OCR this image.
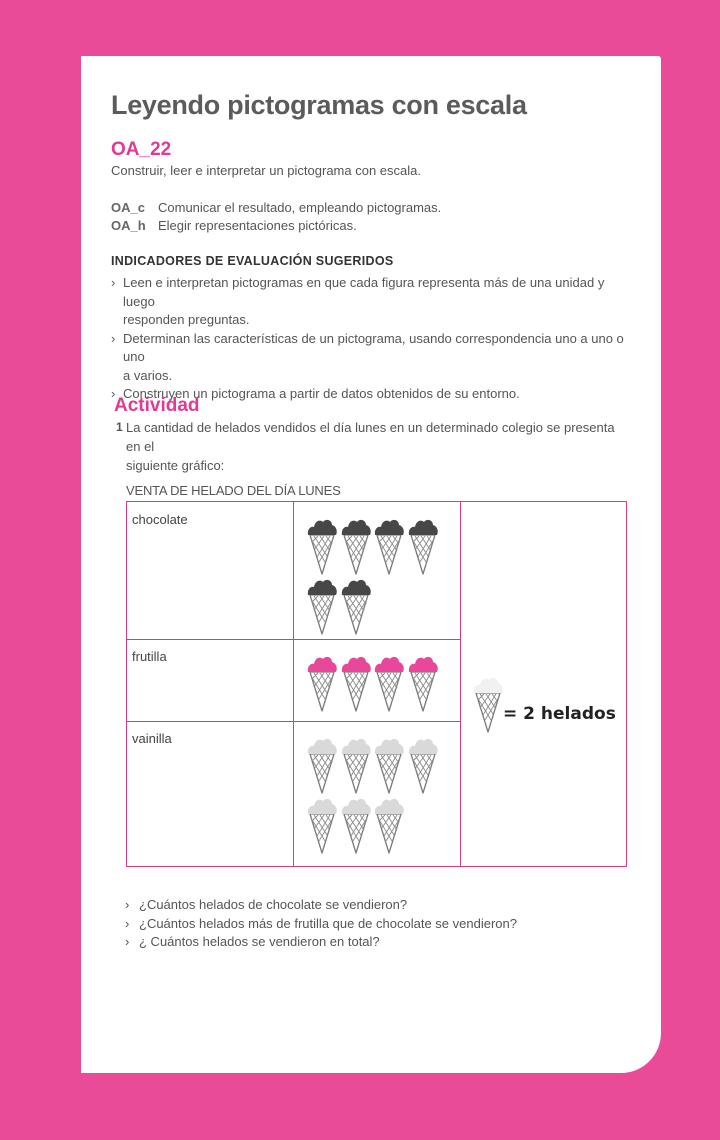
Leyendo pictogramas con escala
OA_22
Construir, leer e interpretar un pictograma con escala.
OA_c Comunicar el resultado, empleando pictogramas.
OA_h Elegir representaciones pictóricas.
INDICADORES DE EVALUACIÓN SUGERIDOS
› Leen e interpretan pictogramas en que cada figura representa más de una unidad y luego
responden preguntas.
› Determinan las características de un pictograma, usando correspondencia uno a uno o uno
a varios.
› Construyen un pictograma a partir de datos obtenidos de su entorno.
Actividad
1 La cantidad de helados vendidos el día lunes en un determinado colegio se presenta en el
siguiente gráfico:
VENTA DE HELADO DEL DÍA LUNES
chocolate
frutilla
vainilla
= 2 helados
› ¿Cuántos helados de chocolate se vendieron?
› ¿Cuántos helados más de frutilla que de chocolate se vendieron?
› ¿ Cuántos helados se vendieron en total?
